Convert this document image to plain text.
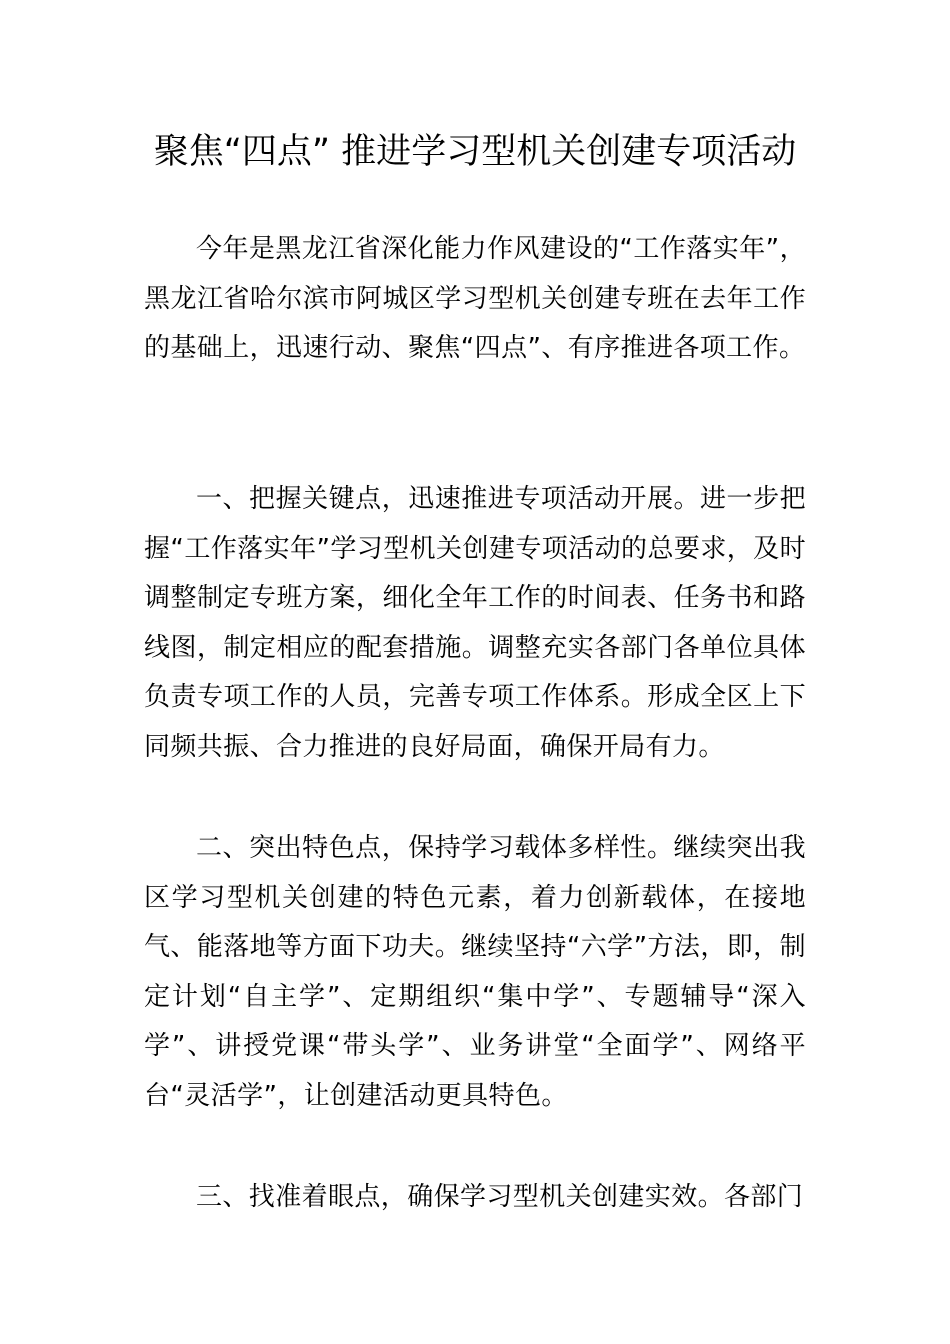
聚焦“四点” 推进学习型机关创建专项活动

今年是黑龙江省深化能力作风建设的“工作落实年”，黑龙江省哈尔滨市阿城区学习型机关创建专班在去年工作的基础上，迅速行动、聚焦“四点”、有序推进各项工作。

一、把握关键点，迅速推进专项活动开展。进一步把握“工作落实年”学习型机关创建专项活动的总要求，及时调整制定专班方案，细化全年工作的时间表、任务书和路线图，制定相应的配套措施。调整充实各部门各单位具体负责专项工作的人员，完善专项工作体系。形成全区上下同频共振、合力推进的良好局面，确保开局有力。

二、突出特色点，保持学习载体多样性。继续突出我区学习型机关创建的特色元素，着力创新载体，在接地气、能落地等方面下功夫。继续坚持“六学”方法，即，制定计划“自主学”、定期组织“集中学”、专题辅导“深入学”、讲授党课“带头学”、业务讲堂“全面学”、网络平台“灵活学”，让创建活动更具特色。

三、找准着眼点，确保学习型机关创建实效。各部门
